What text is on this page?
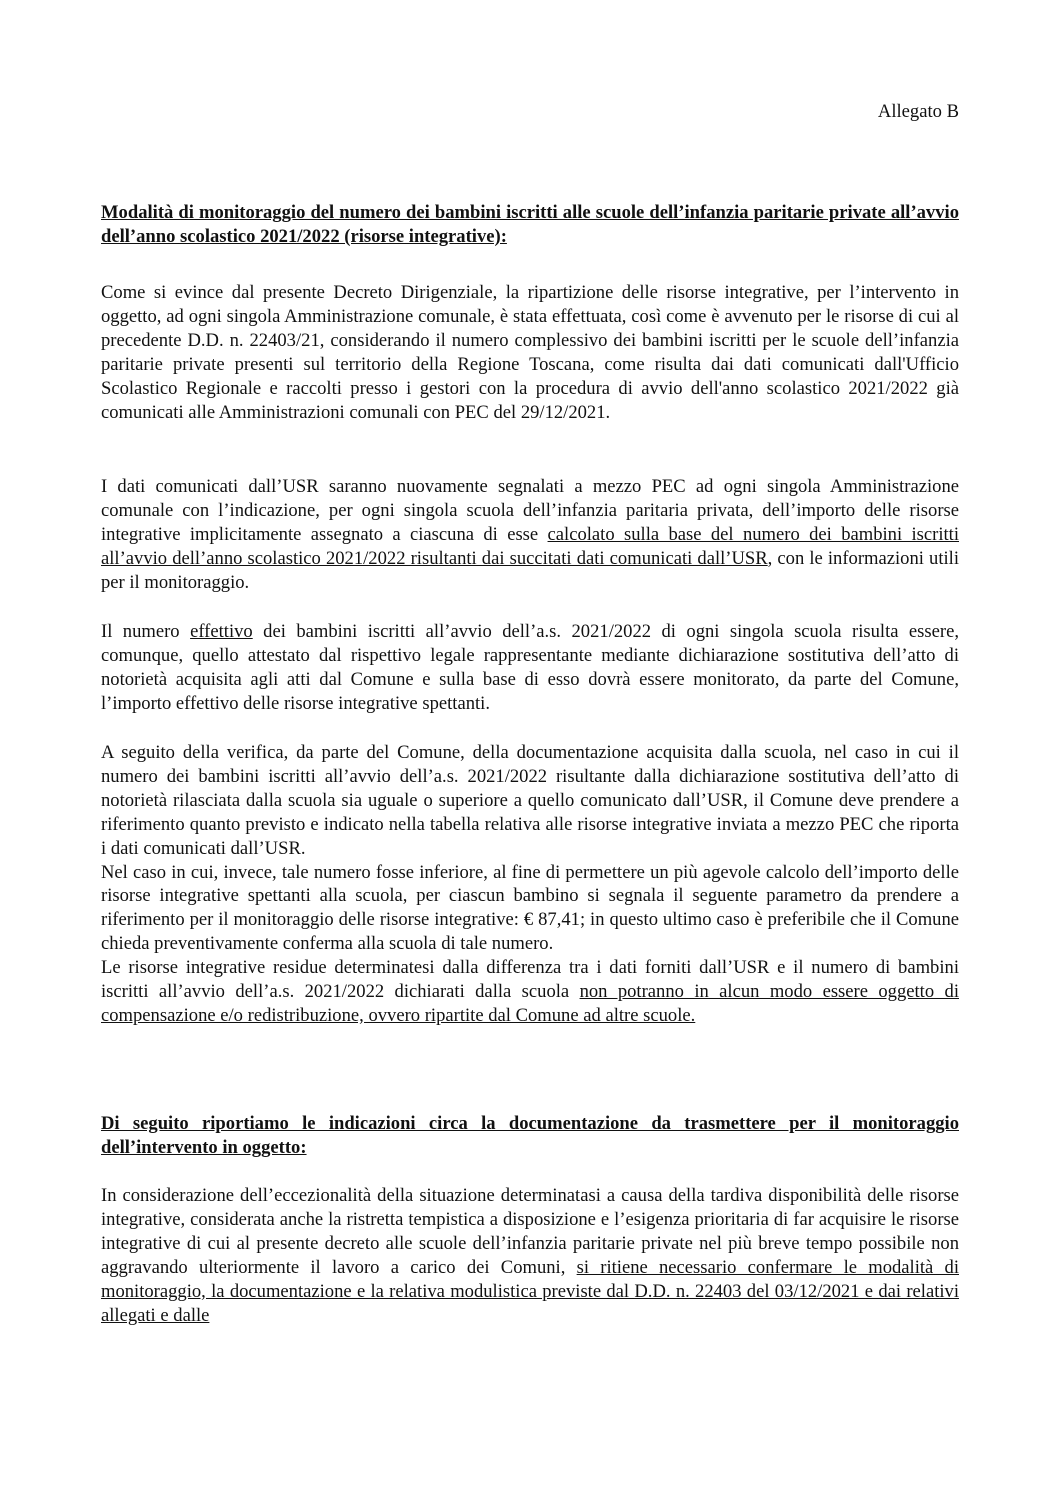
Allegato B

Modalità di monitoraggio del numero dei bambini iscritti alle scuole dell’infanzia paritarie private all’avvio dell’anno scolastico 2021/2022 (risorse integrative):

Come si evince dal presente Decreto Dirigenziale, la ripartizione delle risorse integrative, per l’intervento in oggetto, ad ogni singola Amministrazione comunale, è stata effettuata, così come è avvenuto per le risorse di cui al precedente D.D. n. 22403/21, considerando il numero complessivo dei bambini iscritti per le scuole dell’infanzia paritarie private presenti sul territorio della Regione Toscana, come risulta dai dati comunicati dall'Ufficio Scolastico Regionale e raccolti presso i gestori con la procedura di avvio dell'anno scolastico 2021/2022 già comunicati alle Amministrazioni comunali con PEC del 29/12/2021.

I dati comunicati dall’USR saranno nuovamente segnalati a mezzo PEC ad ogni singola Amministrazione comunale con l’indicazione, per ogni singola scuola dell’infanzia paritaria privata, dell’importo delle risorse integrative implicitamente assegnato a ciascuna di esse calcolato sulla base del numero dei bambini iscritti all’avvio dell’anno scolastico 2021/2022 risultanti dai succitati dati comunicati dall’USR, con le informazioni utili per il monitoraggio.

Il numero effettivo dei bambini iscritti all’avvio dell’a.s. 2021/2022 di ogni singola scuola risulta essere, comunque, quello attestato dal rispettivo legale rappresentante mediante dichiarazione sostitutiva dell’atto di notorietà acquisita agli atti dal Comune e sulla base di esso dovrà essere monitorato, da parte del Comune, l’importo effettivo delle risorse integrative spettanti.

A seguito della verifica, da parte del Comune, della documentazione acquisita dalla scuola, nel caso in cui il numero dei bambini iscritti all’avvio dell’a.s. 2021/2022 risultante dalla dichiarazione sostitutiva dell’atto di notorietà rilasciata dalla scuola sia uguale o superiore a quello comunicato dall’USR, il Comune deve prendere a riferimento quanto previsto e indicato nella tabella relativa alle risorse integrative inviata a mezzo PEC che riporta i dati comunicati dall’USR.

Nel caso in cui, invece, tale numero fosse inferiore, al fine di permettere un più agevole calcolo dell’importo delle risorse integrative spettanti alla scuola, per ciascun bambino si segnala il seguente parametro da prendere a riferimento per il monitoraggio delle risorse integrative: € 87,41; in questo ultimo caso è preferibile che il Comune chieda preventivamente conferma alla scuola di tale numero.

Le risorse integrative residue determinatesi dalla differenza tra i dati forniti dall’USR e il numero di bambini iscritti all’avvio dell’a.s. 2021/2022 dichiarati dalla scuola non potranno in alcun modo essere oggetto di compensazione e/o redistribuzione, ovvero ripartite dal Comune ad altre scuole.

Di seguito riportiamo le indicazioni circa la documentazione da trasmettere per il monitoraggio dell’intervento in oggetto:

In considerazione dell’eccezionalità della situazione determinatasi a causa della tardiva disponibilità delle risorse integrative, considerata anche la ristretta tempistica a disposizione e l’esigenza prioritaria di far acquisire le risorse integrative di cui al presente decreto alle scuole dell’infanzia paritarie private nel più breve tempo possibile non aggravando ulteriormente il lavoro a carico dei Comuni, si ritiene necessario confermare le modalità di monitoraggio, la documentazione e la relativa modulistica previste dal D.D. n. 22403 del 03/12/2021 e dai relativi allegati e dalle
